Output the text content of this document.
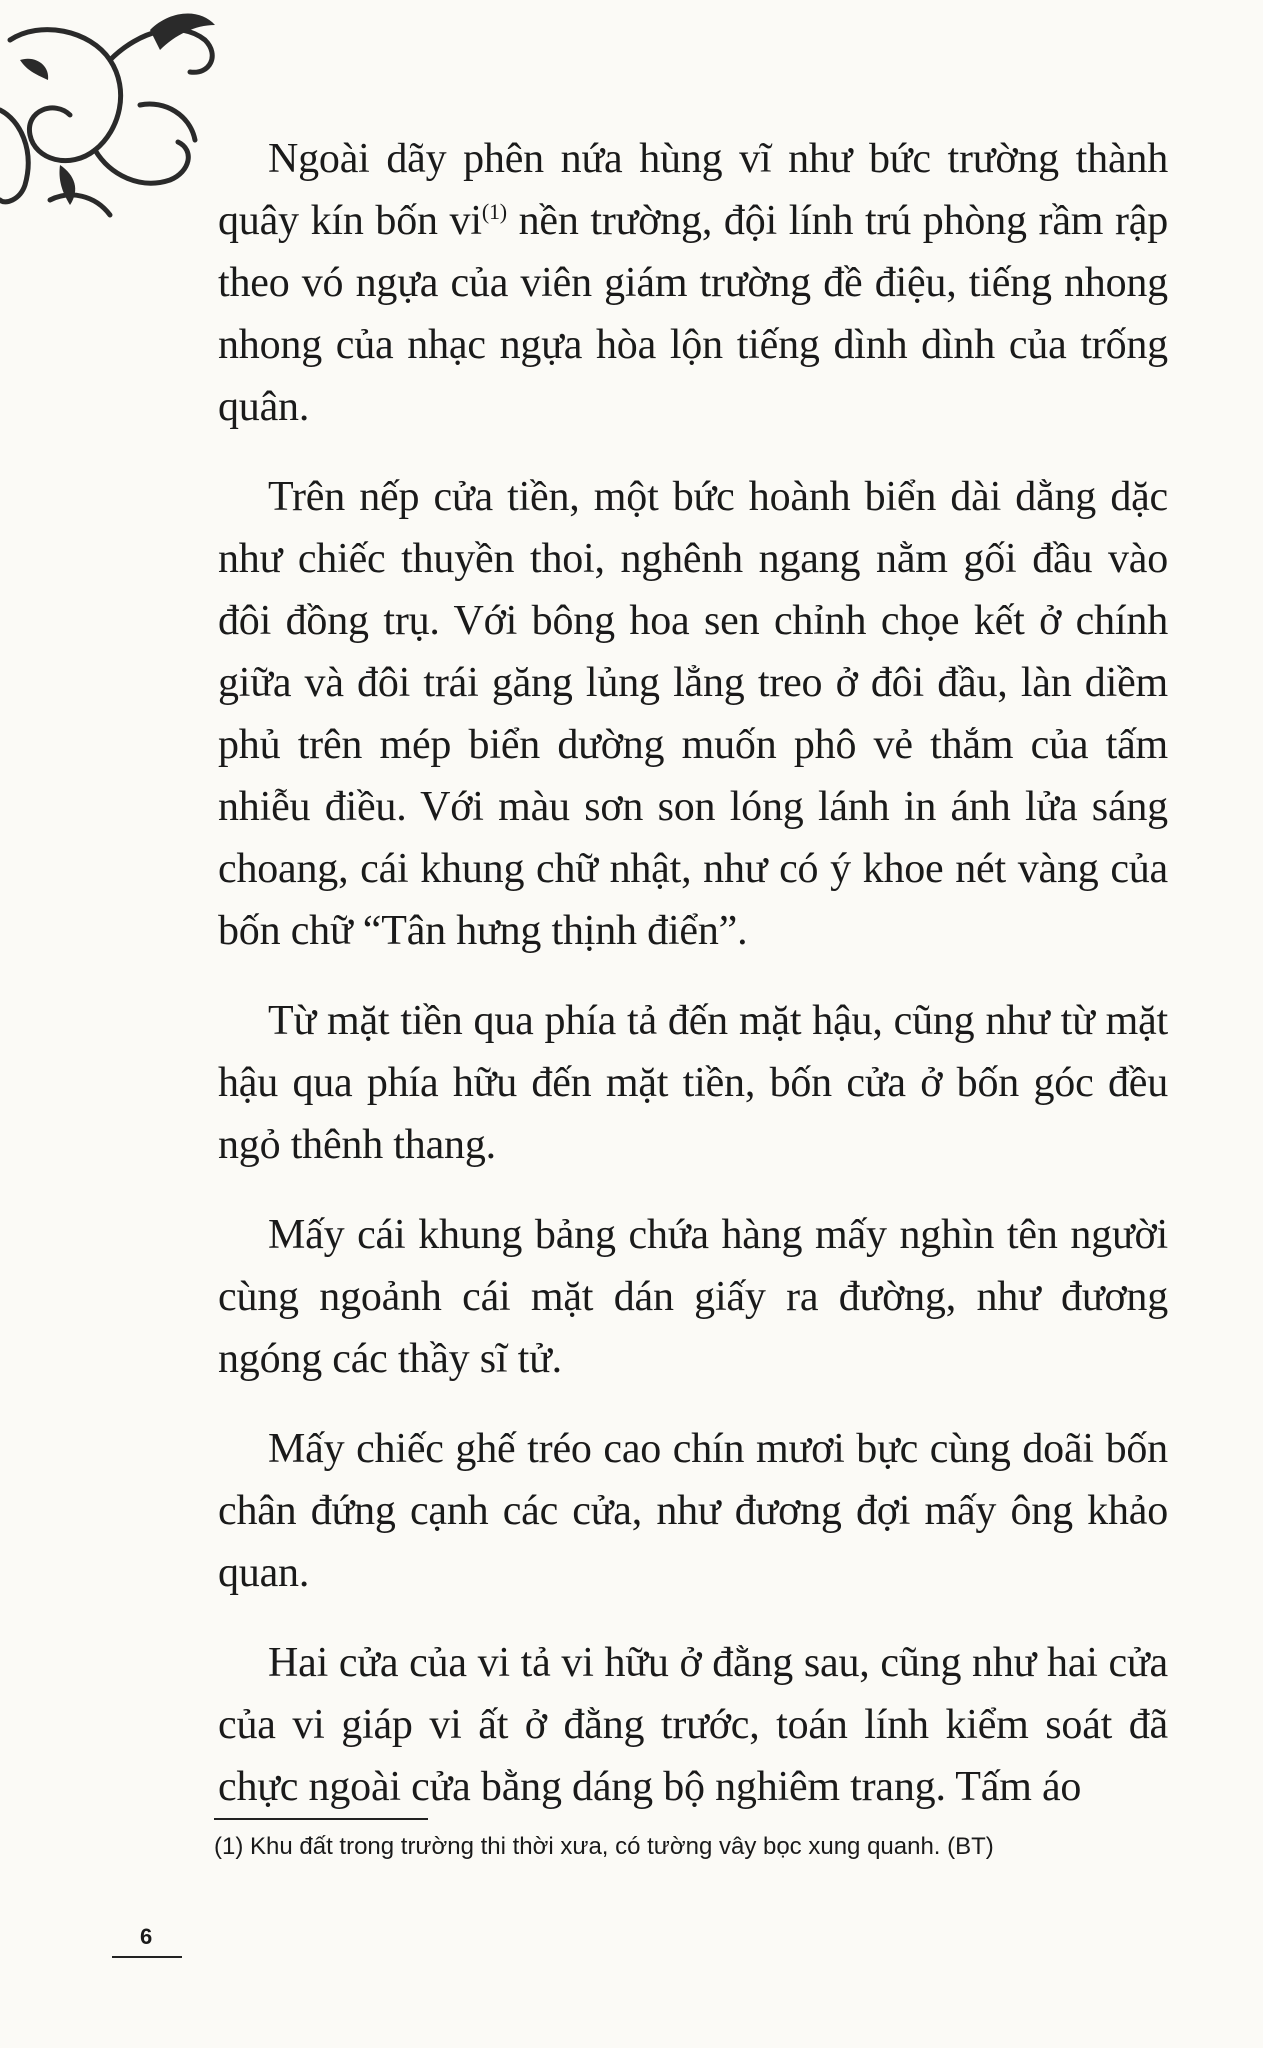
Ngoài dãy phên nứa hùng vĩ như bức trường thành quây kín bốn $vi^{(1)}$ nền trường, đội lính trú phòng rầm rập theo vó ngựa của viên giám trường đề điệu, tiếng nhong nhong của nhạc ngựa hòa lộn tiếng dình dình của trống quân.

Trên nếp cửa tiền, một bức hoành biển dài dằng dặc như chiếc thuyền thoi, nghênh ngang nằm gối đầu vào đôi đồng trụ. Với bông hoa sen chỉnh chọe kết ở chính giữa và đôi trái găng lủng lẳng treo ở đôi đầu, làn diềm phủ trên mép biển dường muốn phô vẻ thắm của tấm nhiễu điều. Với màu sơn son lóng lánh in ánh lửa sáng choang, cái khung chữ nhật, như có ý khoe nét vàng của bốn chữ “Tân hưng thịnh điển”.

Từ mặt tiền qua phía tả đến mặt hậu, cũng như từ mặt hậu qua phía hữu đến mặt tiền, bốn cửa ở bốn góc đều ngỏ thênh thang.

Mấy cái khung bảng chứa hàng mấy nghìn tên người cùng ngoảnh cái mặt dán giấy ra đường, như đương ngóng các thầy sĩ tử.

Mấy chiếc ghế tréo cao chín mươi bực cùng doãi bốn chân đứng cạnh các cửa, như đương đợi mấy ông khảo quan.

Hai cửa của vi tả vi hữu ở đằng sau, cũng như hai cửa của vi giáp vi ất ở đằng trước, toán lính kiểm soát đã chực ngoài cửa bằng dáng bộ nghiêm trang. Tấm áo

(1) Khu đất trong trường thi thời xưa, có tường vây bọc xung quanh. (BT)
6
